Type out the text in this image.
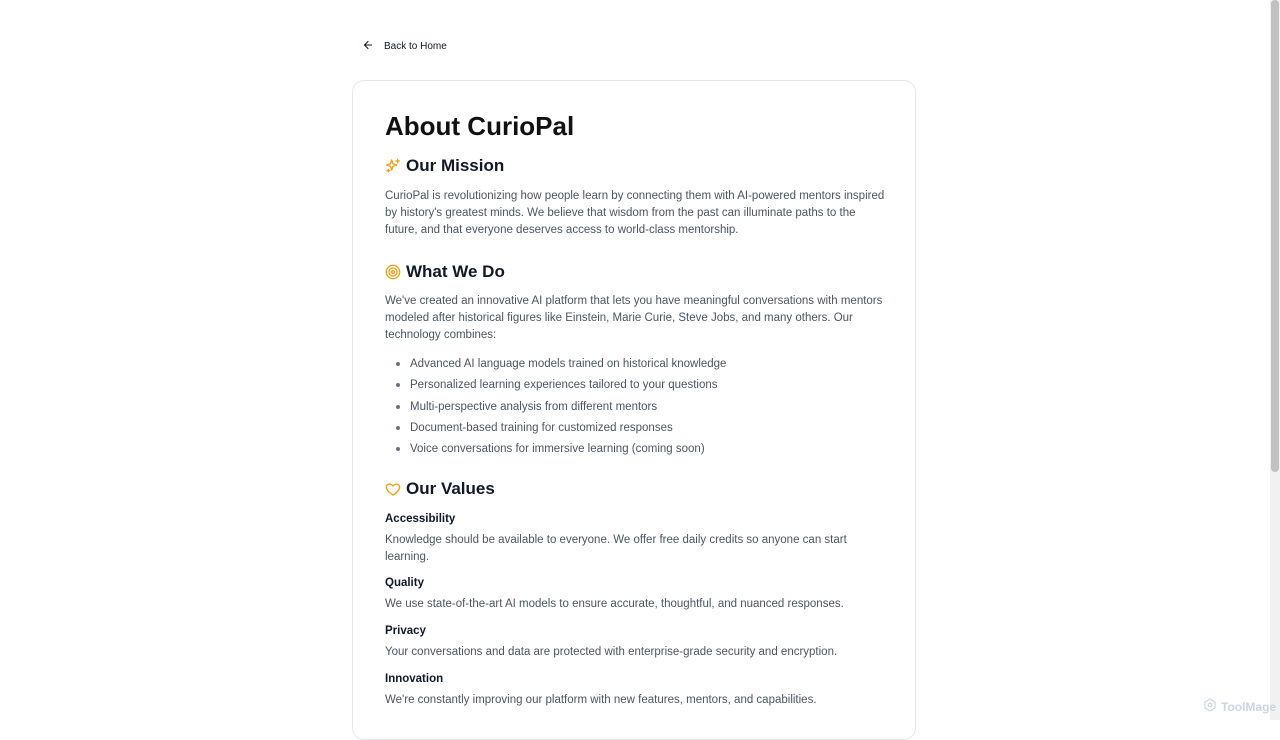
Back to Home
About CurioPal
Our Mission

CurioPal is revolutionizing how people learn by connecting them with AI-powered mentors inspired by history's greatest minds. We believe that wisdom from the past can illuminate paths to the future, and that everyone deserves access to world-class mentorship.

What We Do

We've created an innovative AI platform that lets you have meaningful conversations with mentors modeled after historical figures like Einstein, Marie Curie, Steve Jobs, and many others. Our technology combines:

Advanced AI language models trained on historical knowledge
Personalized learning experiences tailored to your questions
Multi-perspective analysis from different mentors
Document-based training for customized responses
Voice conversations for immersive learning (coming soon)
Our Values
Accessibility

Knowledge should be available to everyone. We offer free daily credits so anyone can start learning.

Quality

We use state-of-the-art AI models to ensure accurate, thoughtful, and nuanced responses.

Privacy

Your conversations and data are protected with enterprise-grade security and encryption.

Innovation

We're constantly improving our platform with new features, mentors, and capabilities.	ToolMage
